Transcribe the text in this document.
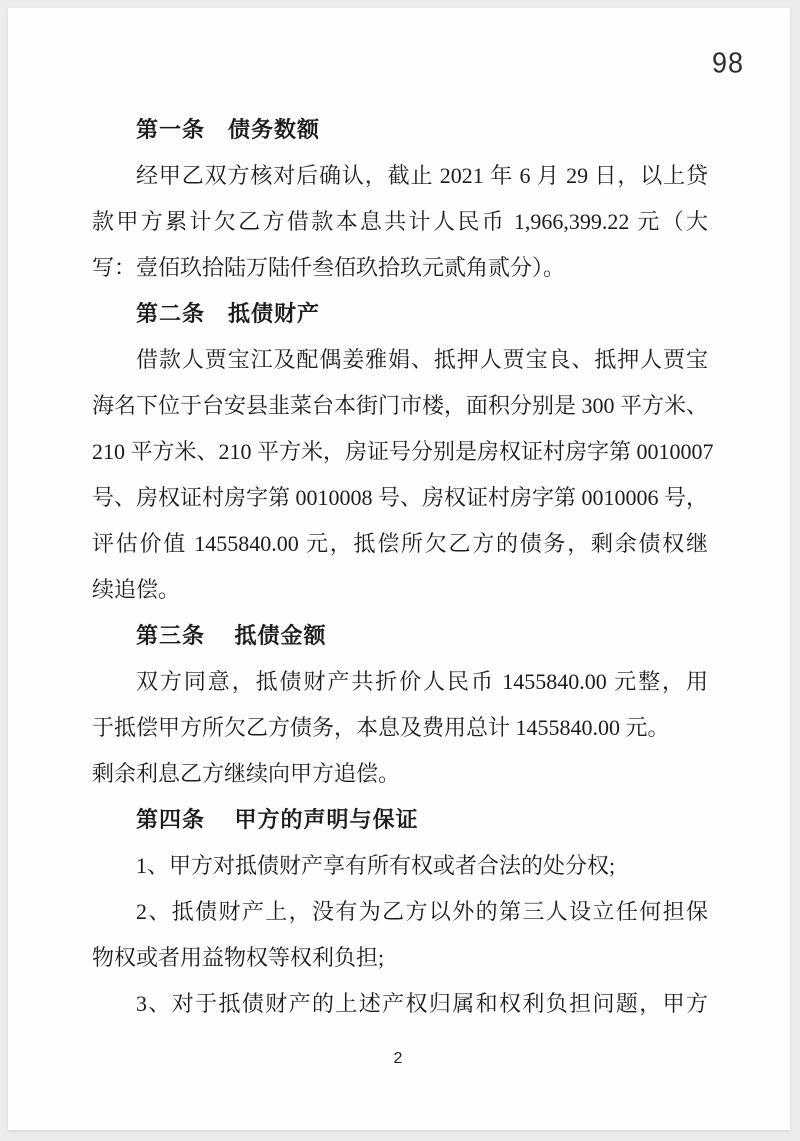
98
第一条　债务数额
经甲乙双方核对后确认，截止 2021 年 6 月 29 日，以上贷
款甲方累计欠乙方借款本息共计人民币 1,966,399.22 元（大
写：壹佰玖拾陆万陆仟叁佰玖拾玖元贰角贰分）。
第二条　抵债财产
借款人贾宝江及配偶姜雅娟、抵押人贾宝良、抵押人贾宝
海名下位于台安县韭菜台本街门市楼，面积分别是 300 平方米、
210 平方米、210 平方米，房证号分别是房权证村房字第 0010007
号、房权证村房字第 0010008 号、房权证村房字第 0010006 号，
评估价值 1455840.00 元，抵偿所欠乙方的债务，剩余债权继
续追偿。
第三条　 抵债金额
双方同意，抵债财产共折价人民币 1455840.00 元整，用
于抵偿甲方所欠乙方债务，本息及费用总计 1455840.00 元。
剩余利息乙方继续向甲方追偿。
第四条　 甲方的声明与保证
1、甲方对抵债财产享有所有权或者合法的处分权;
2、抵债财产上，没有为乙方以外的第三人设立任何担保
物权或者用益物权等权利负担;
3、对于抵债财产的上述产权归属和权利负担问题，甲方
2
